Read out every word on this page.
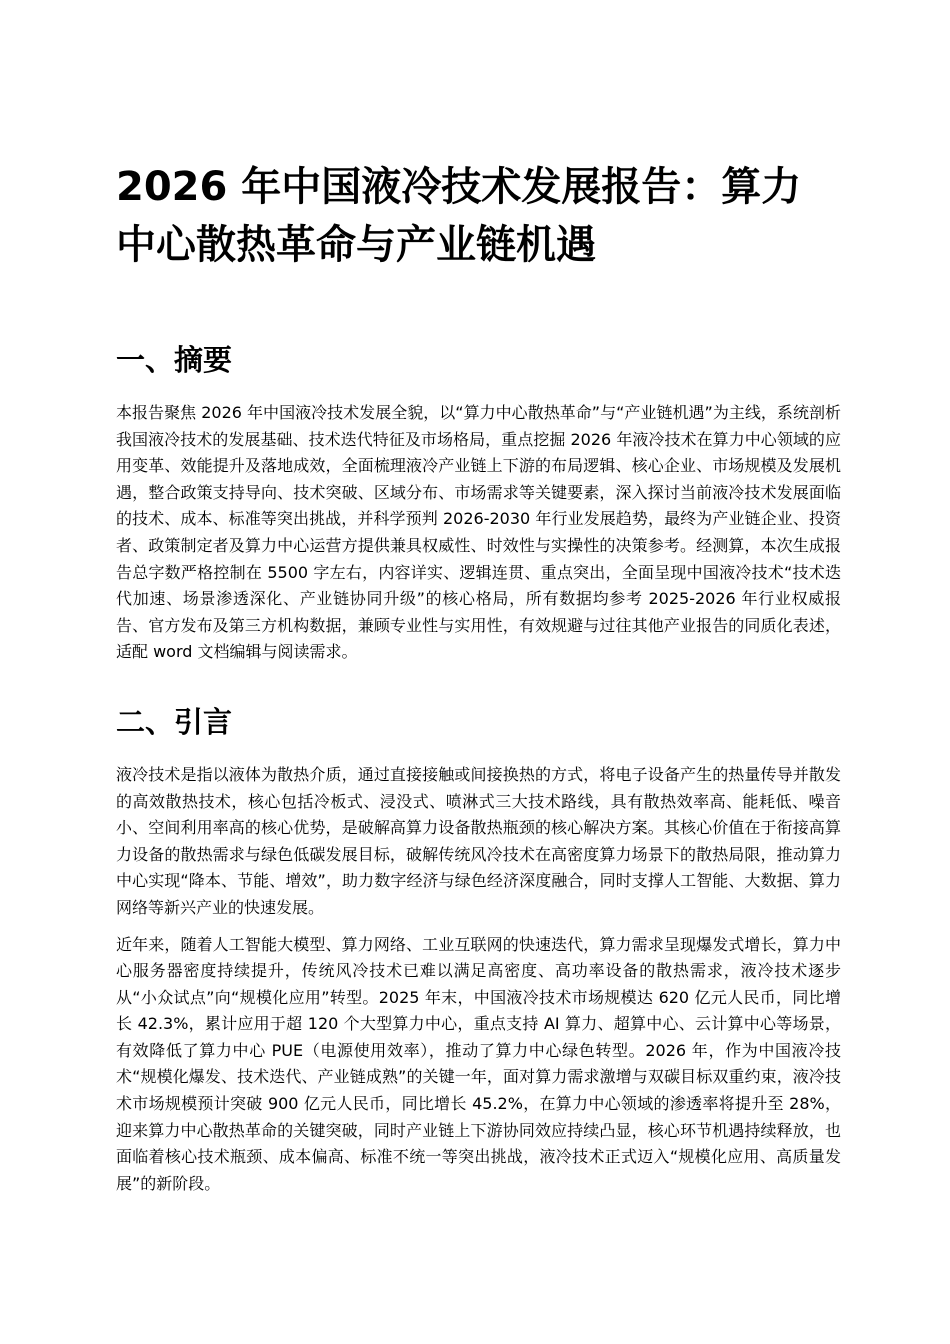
2026 年中国液冷技术发展报告：算力中心散热革命与产业链机遇
一、摘要

本报告聚焦 2026 年中国液冷技术发展全貌，以“算力中心散热革命”与“产业链机遇”为主线，系统剖析我国液冷技术的发展基础、技术迭代特征及市场格局，重点挖掘 2026 年液冷技术在算力中心领域的应用变革、效能提升及落地成效，全面梳理液冷产业链上下游的布局逻辑、核心企业、市场规模及发展机遇，整合政策支持导向、技术突破、区域分布、市场需求等关键要素，深入探讨当前液冷技术发展面临的技术、成本、标准等突出挑战，并科学预判 2026-2030 年行业发展趋势，最终为产业链企业、投资者、政策制定者及算力中心运营方提供兼具权威性、时效性与实操性的决策参考。经测算，本次生成报告总字数严格控制在 5500 字左右，内容详实、逻辑连贯、重点突出，全面呈现中国液冷技术“技术迭代加速、场景渗透深化、产业链协同升级”的核心格局，所有数据均参考 2025-2026 年行业权威报告、官方发布及第三方机构数据，兼顾专业性与实用性，有效规避与过往其他产业报告的同质化表述，适配 word 文档编辑与阅读需求。

二、引言

液冷技术是指以液体为散热介质，通过直接接触或间接换热的方式，将电子设备产生的热量传导并散发的高效散热技术，核心包括冷板式、浸没式、喷淋式三大技术路线，具有散热效率高、能耗低、噪音小、空间利用率高的核心优势，是破解高算力设备散热瓶颈的核心解决方案。其核心价值在于衔接高算力设备的散热需求与绿色低碳发展目标，破解传统风冷技术在高密度算力场景下的散热局限，推动算力中心实现“降本、节能、增效”，助力数字经济与绿色经济深度融合，同时支撑人工智能、大数据、算力网络等新兴产业的快速发展。

近年来，随着人工智能大模型、算力网络、工业互联网的快速迭代，算力需求呈现爆发式增长，算力中心服务器密度持续提升，传统风冷技术已难以满足高密度、高功率设备的散热需求，液冷技术逐步从“小众试点”向“规模化应用”转型。2025 年末，中国液冷技术市场规模达 620 亿元人民币，同比增长 42.3%，累计应用于超 120 个大型算力中心，重点支持 AI 算力、超算中心、云计算中心等场景，有效降低了算力中心 PUE（电源使用效率），推动了算力中心绿色转型。2026 年，作为中国液冷技术“规模化爆发、技术迭代、产业链成熟”的关键一年，面对算力需求激增与双碳目标双重约束，液冷技术市场规模预计突破 900 亿元人民币，同比增长 45.2%，在算力中心领域的渗透率将提升至 28%，迎来算力中心散热革命的关键突破，同时产业链上下游协同效应持续凸显，核心环节机遇持续释放，也面临着核心技术瓶颈、成本偏高、标准不统一等突出挑战，液冷技术正式迈入“规模化应用、高质量发展”的新阶段。
